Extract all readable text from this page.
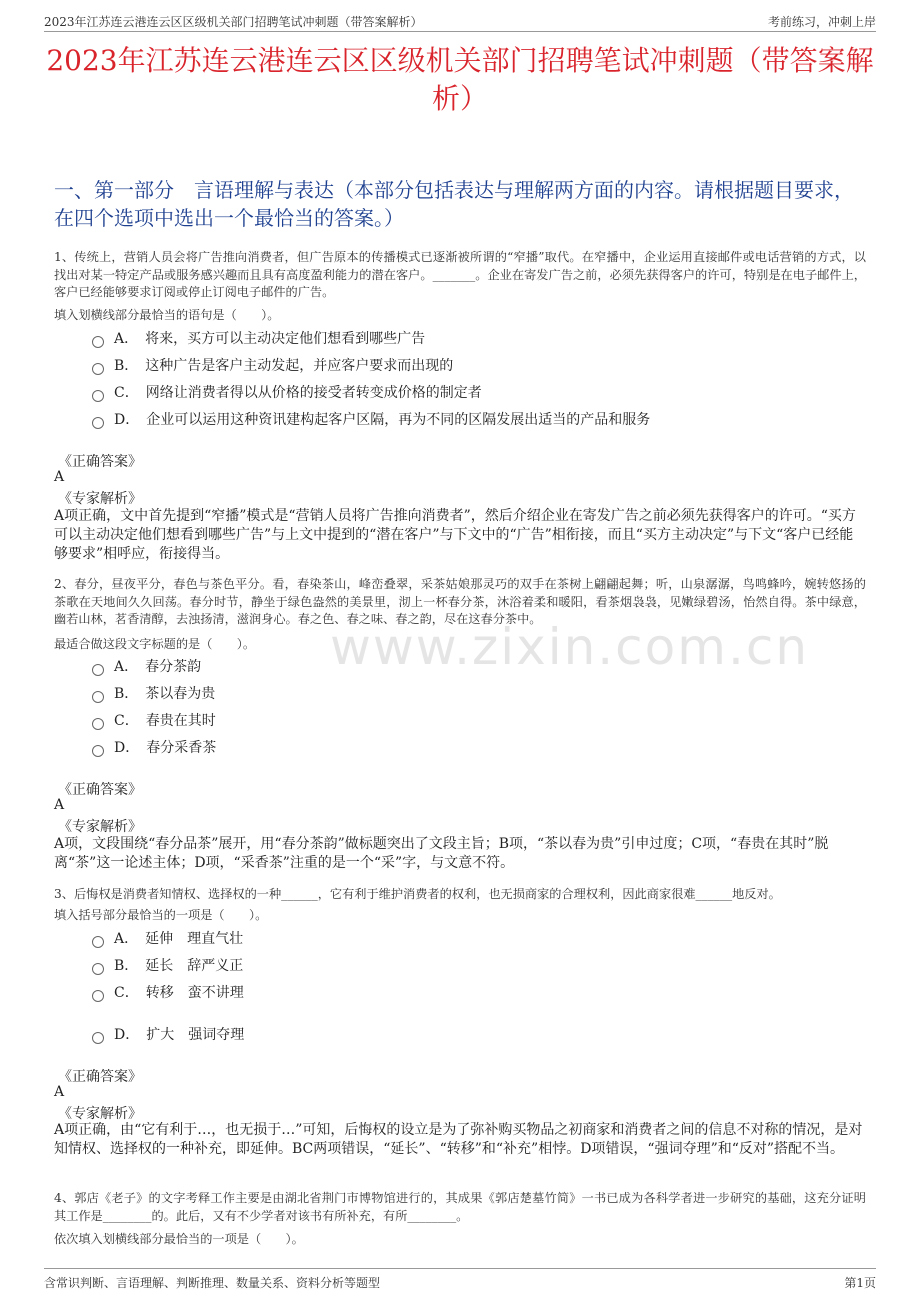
2023年江苏连云港连云区区级机关部门招聘笔试冲刺题（带答案解析）	考前练习，冲刺上岸
2023年江苏连云港连云区区级机关部门招聘笔试冲刺题（带答案解析）
一、第一部分　言语理解与表达（本部分包括表达与理解两方面的内容。请根据题目要求，在四个选项中选出一个最恰当的答案。）
1、传统上，营销人员会将广告推向消费者，但广告原本的传播模式已逐渐被所谓的“窄播”取代。在窄播中，企业运用直接邮件或电话营销的方式，以找出对某一特定产品或服务感兴趣而且具有高度盈利能力的潜在客户。_______。企业在寄发广告之前，必须先获得客户的许可，特别是在电子邮件上，客户已经能够要求订阅或停止订阅电子邮件的广告。
填入划横线部分最恰当的语句是（　　）。
A．　将来，买方可以主动决定他们想看到哪些广告
B．　这种广告是客户主动发起，并应客户要求而出现的
C．　网络让消费者得以从价格的接受者转变成价格的制定者
D．　企业可以运用这种资讯建构起客户区隔，再为不同的区隔发展出适当的产品和服务
《正确答案》
A
《专家解析》
A项正确，文中首先提到“窄播”模式是“营销人员将广告推向消费者”，然后介绍企业在寄发广告之前必须先获得客户的许可。“买方可以主动决定他们想看到哪些广告”与上文中提到的“潜在客户”与下文中的“广告”相衔接，而且“买方主动决定”与下文“客户已经能够要求”相呼应，衔接得当。
2、春分，昼夜平分，春色与茶色平分。看，春染茶山，峰峦叠翠，采茶姑娘那灵巧的双手在茶树上翩翩起舞；听，山泉潺潺，鸟鸣蜂吟，婉转悠扬的茶歌在天地间久久回荡。春分时节，静坐于绿色盎然的美景里，沏上一杯春分茶，沐浴着柔和暖阳，看茶烟袅袅，见嫩绿碧汤，怡然自得。茶中绿意，幽若山林，茗香清醇，去浊扬清，滋润身心。春之色、春之味、春之韵，尽在这春分茶中。
最适合做这段文字标题的是（　　）。
A．　春分茶韵
B．　茶以春为贵
C．　春贵在其时
D．　春分采香茶
《正确答案》
A
《专家解析》
A项，文段围绕“春分品茶”展开，用“春分茶韵”做标题突出了文段主旨；B项，“茶以春为贵”引申过度；C项，“春贵在其时”脱离“茶”这一论述主体；D项，“采香茶”注重的是一个“采”字，与文意不符。
3、后悔权是消费者知情权、选择权的一种______，它有利于维护消费者的权利，也无损商家的合理权利，因此商家很难______地反对。
填入括号部分最恰当的一项是（　　）。
A．　延伸　理直气壮
B．　延长　辞严义正
C．　转移　蛮不讲理
D．　扩大　强词夺理
《正确答案》
A
《专家解析》
A项正确，由“它有利于…，也无损于…”可知，后悔权的设立是为了弥补购买物品之初商家和消费者之间的信息不对称的情况，是对知情权、选择权的一种补充，即延伸。BC两项错误，“延长”、“转移”和“补充”相悖。D项错误，“强词夺理”和“反对”搭配不当。
4、郭店《老子》的文字考释工作主要是由湖北省荆门市博物馆进行的，其成果《郭店楚墓竹简》一书已成为各科学者进一步研究的基础，这充分证明其工作是________的。此后，又有不少学者对该书有所补充，有所________。
依次填入划横线部分最恰当的一项是（　　）。
www.zixin.com.cn
含常识判断、言语理解、判断推理、数量关系、资料分析等题型	第1页
